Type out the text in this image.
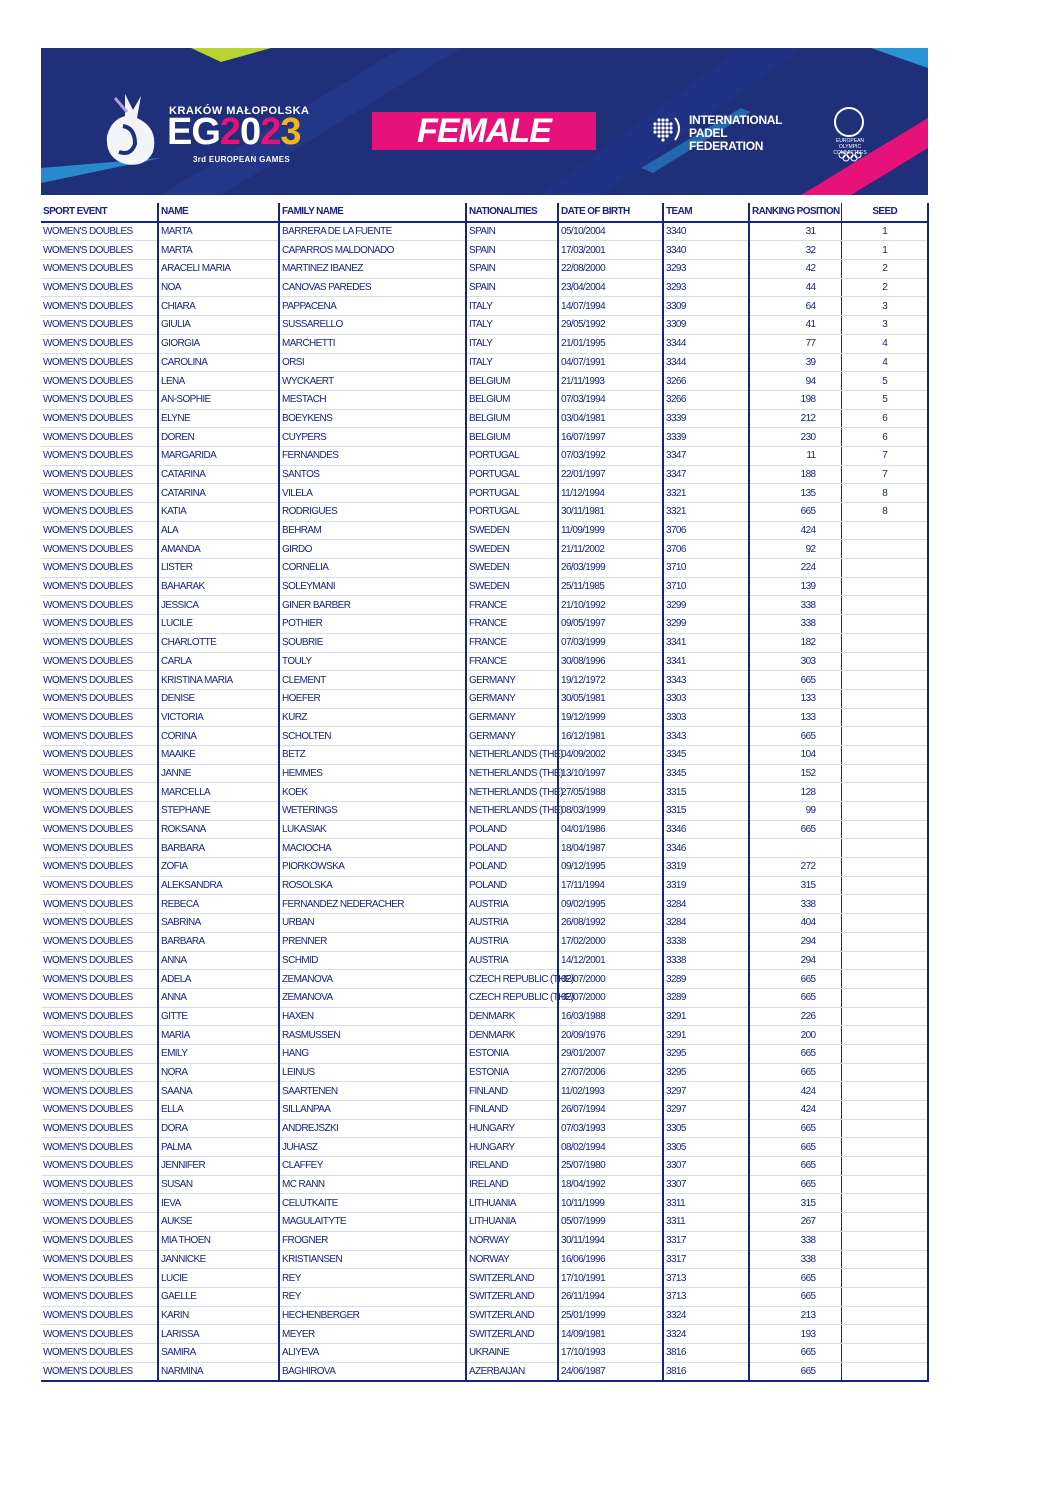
KRAKÓW MAŁOPOLSKA
EG2023
3rd EUROPEAN GAMES
FEMALE	INTERNATIONAL
PADEL
FEDERATION	EUROPEAN OLYMPIC COMMITTEES
SPORT EVENT	NAME	FAMILY NAME	NATIONALITIES	DATE OF BIRTH	TEAM	RANKING POSITION	SEED
WOMEN'S DOUBLES	MARTA	BARRERA DE LA FUENTE	SPAIN	05/10/2004	3340	31	1
WOMEN'S DOUBLES	MARTA	CAPARROS MALDONADO	SPAIN	17/03/2001	3340	32	1
WOMEN'S DOUBLES	ARACELI MARIA	MARTINEZ IBANEZ	SPAIN	22/08/2000	3293	42	2
WOMEN'S DOUBLES	NOA	CANOVAS PAREDES	SPAIN	23/04/2004	3293	44	2
WOMEN'S DOUBLES	CHIARA	PAPPACENA	ITALY	14/07/1994	3309	64	3
WOMEN'S DOUBLES	GIULIA	SUSSARELLO	ITALY	29/05/1992	3309	41	3
WOMEN'S DOUBLES	GIORGIA	MARCHETTI	ITALY	21/01/1995	3344	77	4
WOMEN'S DOUBLES	CAROLINA	ORSI	ITALY	04/07/1991	3344	39	4
WOMEN'S DOUBLES	LENA	WYCKAERT	BELGIUM	21/11/1993	3266	94	5
WOMEN'S DOUBLES	AN-SOPHIE	MESTACH	BELGIUM	07/03/1994	3266	198	5
WOMEN'S DOUBLES	ELYNE	BOEYKENS	BELGIUM	03/04/1981	3339	212	6
WOMEN'S DOUBLES	DOREN	CUYPERS	BELGIUM	16/07/1997	3339	230	6
WOMEN'S DOUBLES	MARGARIDA	FERNANDES	PORTUGAL	07/03/1992	3347	11	7
WOMEN'S DOUBLES	CATARINA	SANTOS	PORTUGAL	22/01/1997	3347	188	7
WOMEN'S DOUBLES	CATARINA	VILELA	PORTUGAL	11/12/1994	3321	135	8
WOMEN'S DOUBLES	KATIA	RODRIGUES	PORTUGAL	30/11/1981	3321	665	8
WOMEN'S DOUBLES	ALA	BEHRAM	SWEDEN	11/09/1999	3706	424	
WOMEN'S DOUBLES	AMANDA	GIRDO	SWEDEN	21/11/2002	3706	92	
WOMEN'S DOUBLES	LISTER	CORNELIA	SWEDEN	26/03/1999	3710	224	
WOMEN'S DOUBLES	BAHARAK	SOLEYMANI	SWEDEN	25/11/1985	3710	139	
WOMEN'S DOUBLES	JESSICA	GINER BARBER	FRANCE	21/10/1992	3299	338	
WOMEN'S DOUBLES	LUCILE	POTHIER	FRANCE	09/05/1997	3299	338	
WOMEN'S DOUBLES	CHARLOTTE	SOUBRIE	FRANCE	07/03/1999	3341	182	
WOMEN'S DOUBLES	CARLA	TOULY	FRANCE	30/08/1996	3341	303	
WOMEN'S DOUBLES	KRISTINA MARIA	CLEMENT	GERMANY	19/12/1972	3343	665	
WOMEN'S DOUBLES	DENISE	HOEFER	GERMANY	30/05/1981	3303	133	
WOMEN'S DOUBLES	VICTORIA	KURZ	GERMANY	19/12/1999	3303	133	
WOMEN'S DOUBLES	CORINA	SCHOLTEN	GERMANY	16/12/1981	3343	665	
WOMEN'S DOUBLES	MAAIKE	BETZ	NETHERLANDS (THE)	04/09/2002	3345	104	
WOMEN'S DOUBLES	JANNE	HEMMES	NETHERLANDS (THE)	13/10/1997	3345	152	
WOMEN'S DOUBLES	MARCELLA	KOEK	NETHERLANDS (THE)	27/05/1988	3315	128	
WOMEN'S DOUBLES	STEPHANE	WETERINGS	NETHERLANDS (THE)	08/03/1999	3315	99	
WOMEN'S DOUBLES	ROKSANA	LUKASIAK	POLAND	04/01/1986	3346	665	
WOMEN'S DOUBLES	BARBARA	MACIOCHA	POLAND	18/04/1987	3346		
WOMEN'S DOUBLES	ZOFIA	PIORKOWSKA	POLAND	09/12/1995	3319	272	
WOMEN'S DOUBLES	ALEKSANDRA	ROSOLSKA	POLAND	17/11/1994	3319	315	
WOMEN'S DOUBLES	REBECA	FERNANDEZ NEDERACHER	AUSTRIA	09/02/1995	3284	338	
WOMEN'S DOUBLES	SABRINA	URBAN	AUSTRIA	26/08/1992	3284	404	
WOMEN'S DOUBLES	BARBARA	PRENNER	AUSTRIA	17/02/2000	3338	294	
WOMEN'S DOUBLES	ANNA	SCHMID	AUSTRIA	14/12/2001	3338	294	
WOMEN'S DOUBLES	ADELA	ZEMANOVA	CZECH REPUBLIC (THE)	02/07/2000	3289	665	
WOMEN'S DOUBLES	ANNA	ZEMANOVA	CZECH REPUBLIC (THE)	02/07/2000	3289	665	
WOMEN'S DOUBLES	GITTE	HAXEN	DENMARK	16/03/1988	3291	226	
WOMEN'S DOUBLES	MARIA	RASMUSSEN	DENMARK	20/09/1976	3291	200	
WOMEN'S DOUBLES	EMILY	HANG	ESTONIA	29/01/2007	3295	665	
WOMEN'S DOUBLES	NORA	LEINUS	ESTONIA	27/07/2006	3295	665	
WOMEN'S DOUBLES	SAANA	SAARTENEN	FINLAND	11/02/1993	3297	424	
WOMEN'S DOUBLES	ELLA	SILLANPAA	FINLAND	26/07/1994	3297	424	
WOMEN'S DOUBLES	DORA	ANDREJSZKI	HUNGARY	07/03/1993	3305	665	
WOMEN'S DOUBLES	PALMA	JUHASZ	HUNGARY	08/02/1994	3305	665	
WOMEN'S DOUBLES	JENNIFER	CLAFFEY	IRELAND	25/07/1980	3307	665	
WOMEN'S DOUBLES	SUSAN	MC RANN	IRELAND	18/04/1992	3307	665	
WOMEN'S DOUBLES	IEVA	CELUTKAITE	LITHUANIA	10/11/1999	3311	315	
WOMEN'S DOUBLES	AUKSE	MAGULAITYTE	LITHUANIA	05/07/1999	3311	267	
WOMEN'S DOUBLES	MIA THOEN	FROGNER	NORWAY	30/11/1994	3317	338	
WOMEN'S DOUBLES	JANNICKE	KRISTIANSEN	NORWAY	16/06/1996	3317	338	
WOMEN'S DOUBLES	LUCIE	REY	SWITZERLAND	17/10/1991	3713	665	
WOMEN'S DOUBLES	GAELLE	REY	SWITZERLAND	26/11/1994	3713	665	
WOMEN'S DOUBLES	KARIN	HECHENBERGER	SWITZERLAND	25/01/1999	3324	213	
WOMEN'S DOUBLES	LARISSA	MEYER	SWITZERLAND	14/09/1981	3324	193	
WOMEN'S DOUBLES	SAMIRA	ALIYEVA	UKRAINE	17/10/1993	3816	665	
WOMEN'S DOUBLES	NARMINA	BAGHIROVA	AZERBAIJAN	24/06/1987	3816	665	
